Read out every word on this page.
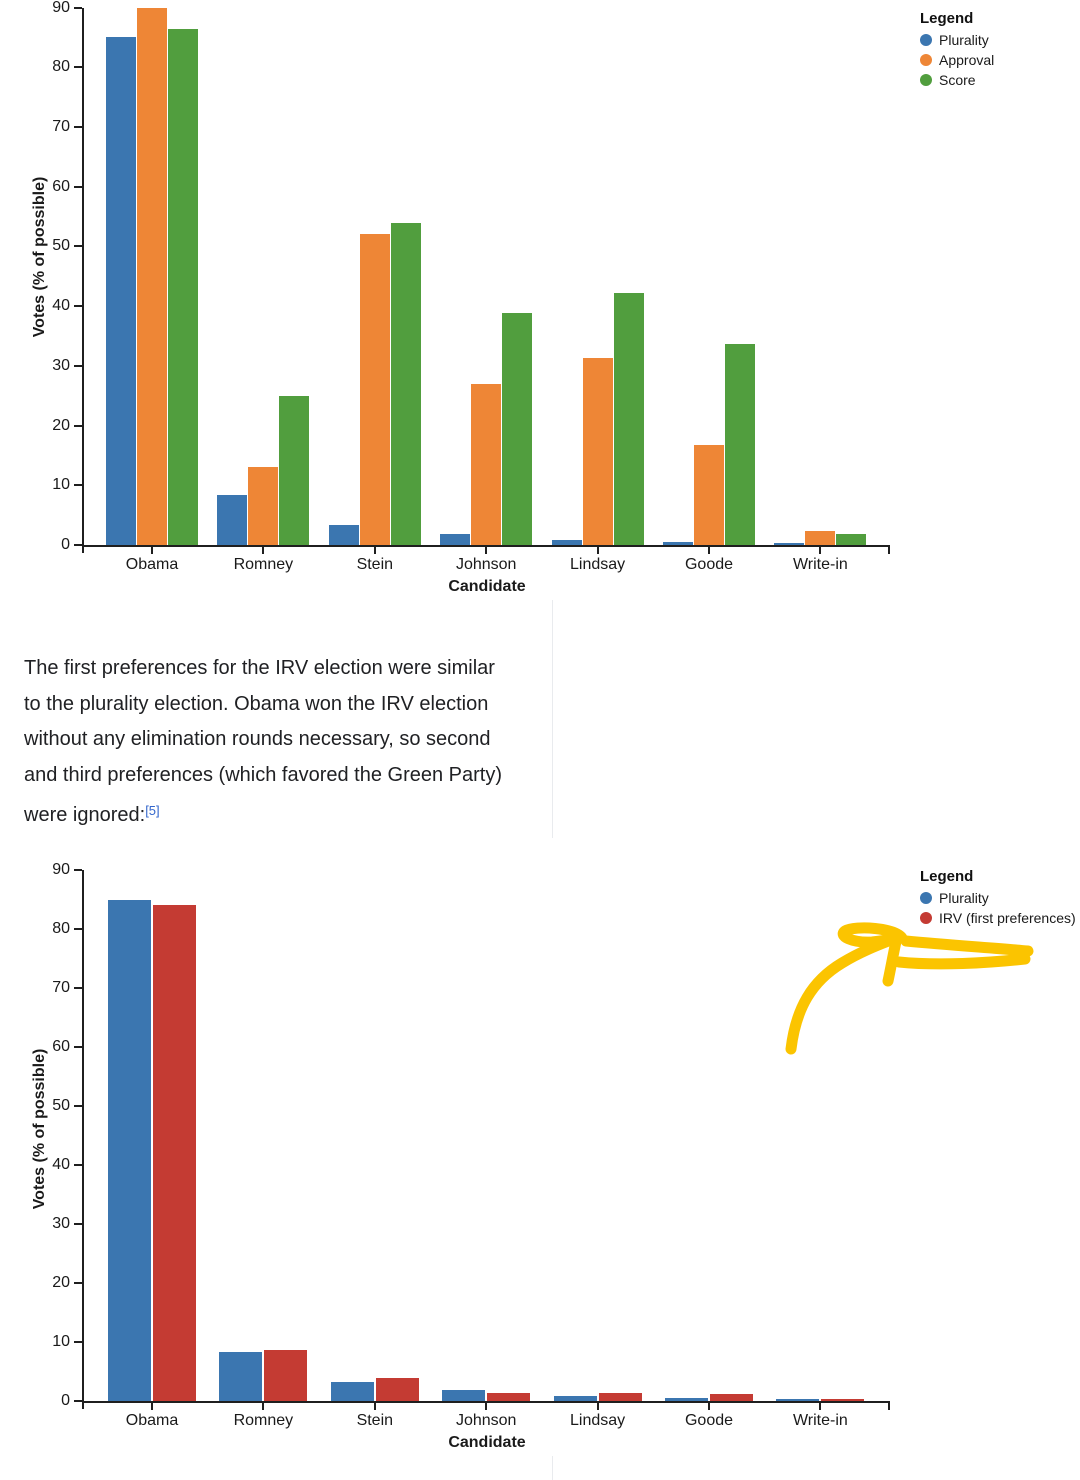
0
10
20
30
40
50
60
70
80
90
Obama	Romney	Stein	Johnson	Lindsay	Goode	Write-in
Candidate
Votes (% of possible)
Legend
Plurality
Approval
Score
The first preferences for the IRV election were similar
to the plurality election. Obama won the IRV election
without any elimination rounds necessary, so second
and third preferences (which favored the Green Party)
were ignored:[5]
0
10
20
30
40
50
60
70
80
90
Obama	Romney	Stein	Johnson	Lindsay	Goode	Write-in
Candidate
Votes (% of possible)
Legend
Plurality
IRV (first preferences)
